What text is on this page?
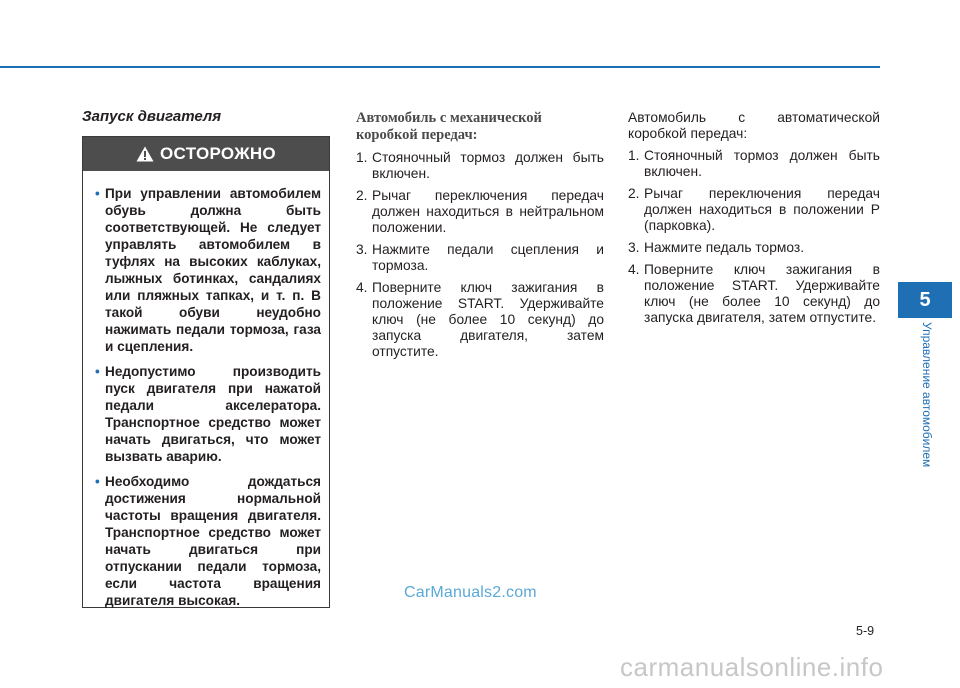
Запуск двигателя
ОСТОРОЖНО
• При управлении автомобилем обувь должна быть соответствующей. Не следует управлять автомобилем в туфлях на высоких каблуках, лыжных ботинках, сандалиях или пляжных тапках, и т. п. В такой обуви неудобно нажимать педали тормоза, газа и сцепления.
• Недопустимо производить пуск двигателя при нажатой педали акселератора. Транспортное средство может начать двигаться, что может вызвать аварию.
• Необходимо дождаться достижения нормальной частоты вращения двигателя. Транспортное средство может начать двигаться при отпускании педали тормоза, если частота вращения двигателя высокая.
Автомобиль с механической коробкой передач:
1. Стояночный тормоз должен быть включен.
2. Рычаг переключения передач должен находиться в нейтральном положении.
3. Нажмите педали сцепления и тормоза.
4. Поверните ключ зажигания в положение START. Удерживайте ключ (не более 10 секунд) до запуска двигателя, затем отпустите.

Автомобиль с автоматической коробкой передач:

1. Стояночный тормоз должен быть включен.
2. Рычаг переключения передач должен находиться в положении Р (парковка).
3. Нажмите педаль тормоз.
4. Поверните ключ зажигания в положение START. Удерживайте ключ (не более 10 секунд) до запуска двигателя, затем отпустите.
5
Управление автомобилем
CarManuals2.com
5-9
carmanualsonline.info
